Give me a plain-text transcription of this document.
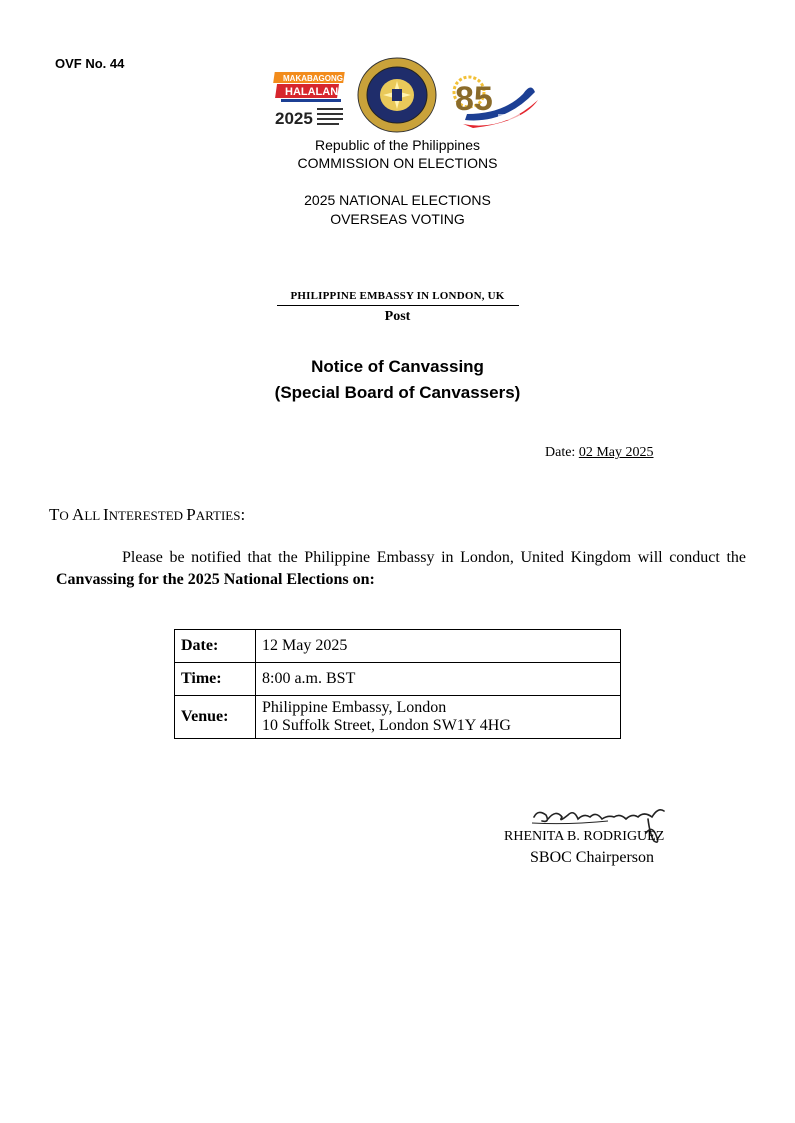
OVF No. 44
MAKABAGONG
HALALAN
2025
85
Republic of the Philippines
COMMISSION ON ELECTIONS
2025 NATIONAL ELECTIONS
OVERSEAS VOTING
PHILIPPINE EMBASSY IN LONDON, UK
Post
Notice of Canvassing
(Special Board of Canvassers)
Date: 02 May 2025
TO ALL INTERESTED PARTIES:
Please be notified that the Philippine Embassy in London, United Kingdom will conduct the Canvassing for the 2025 National Elections on:
Date:	12 May 2025
Time:	8:00 a.m. BST
Venue:	Philippine Embassy, London
10 Suffolk Street, London SW1Y 4HG
RHENITA B. RODRIGUEZ
SBOC Chairperson
